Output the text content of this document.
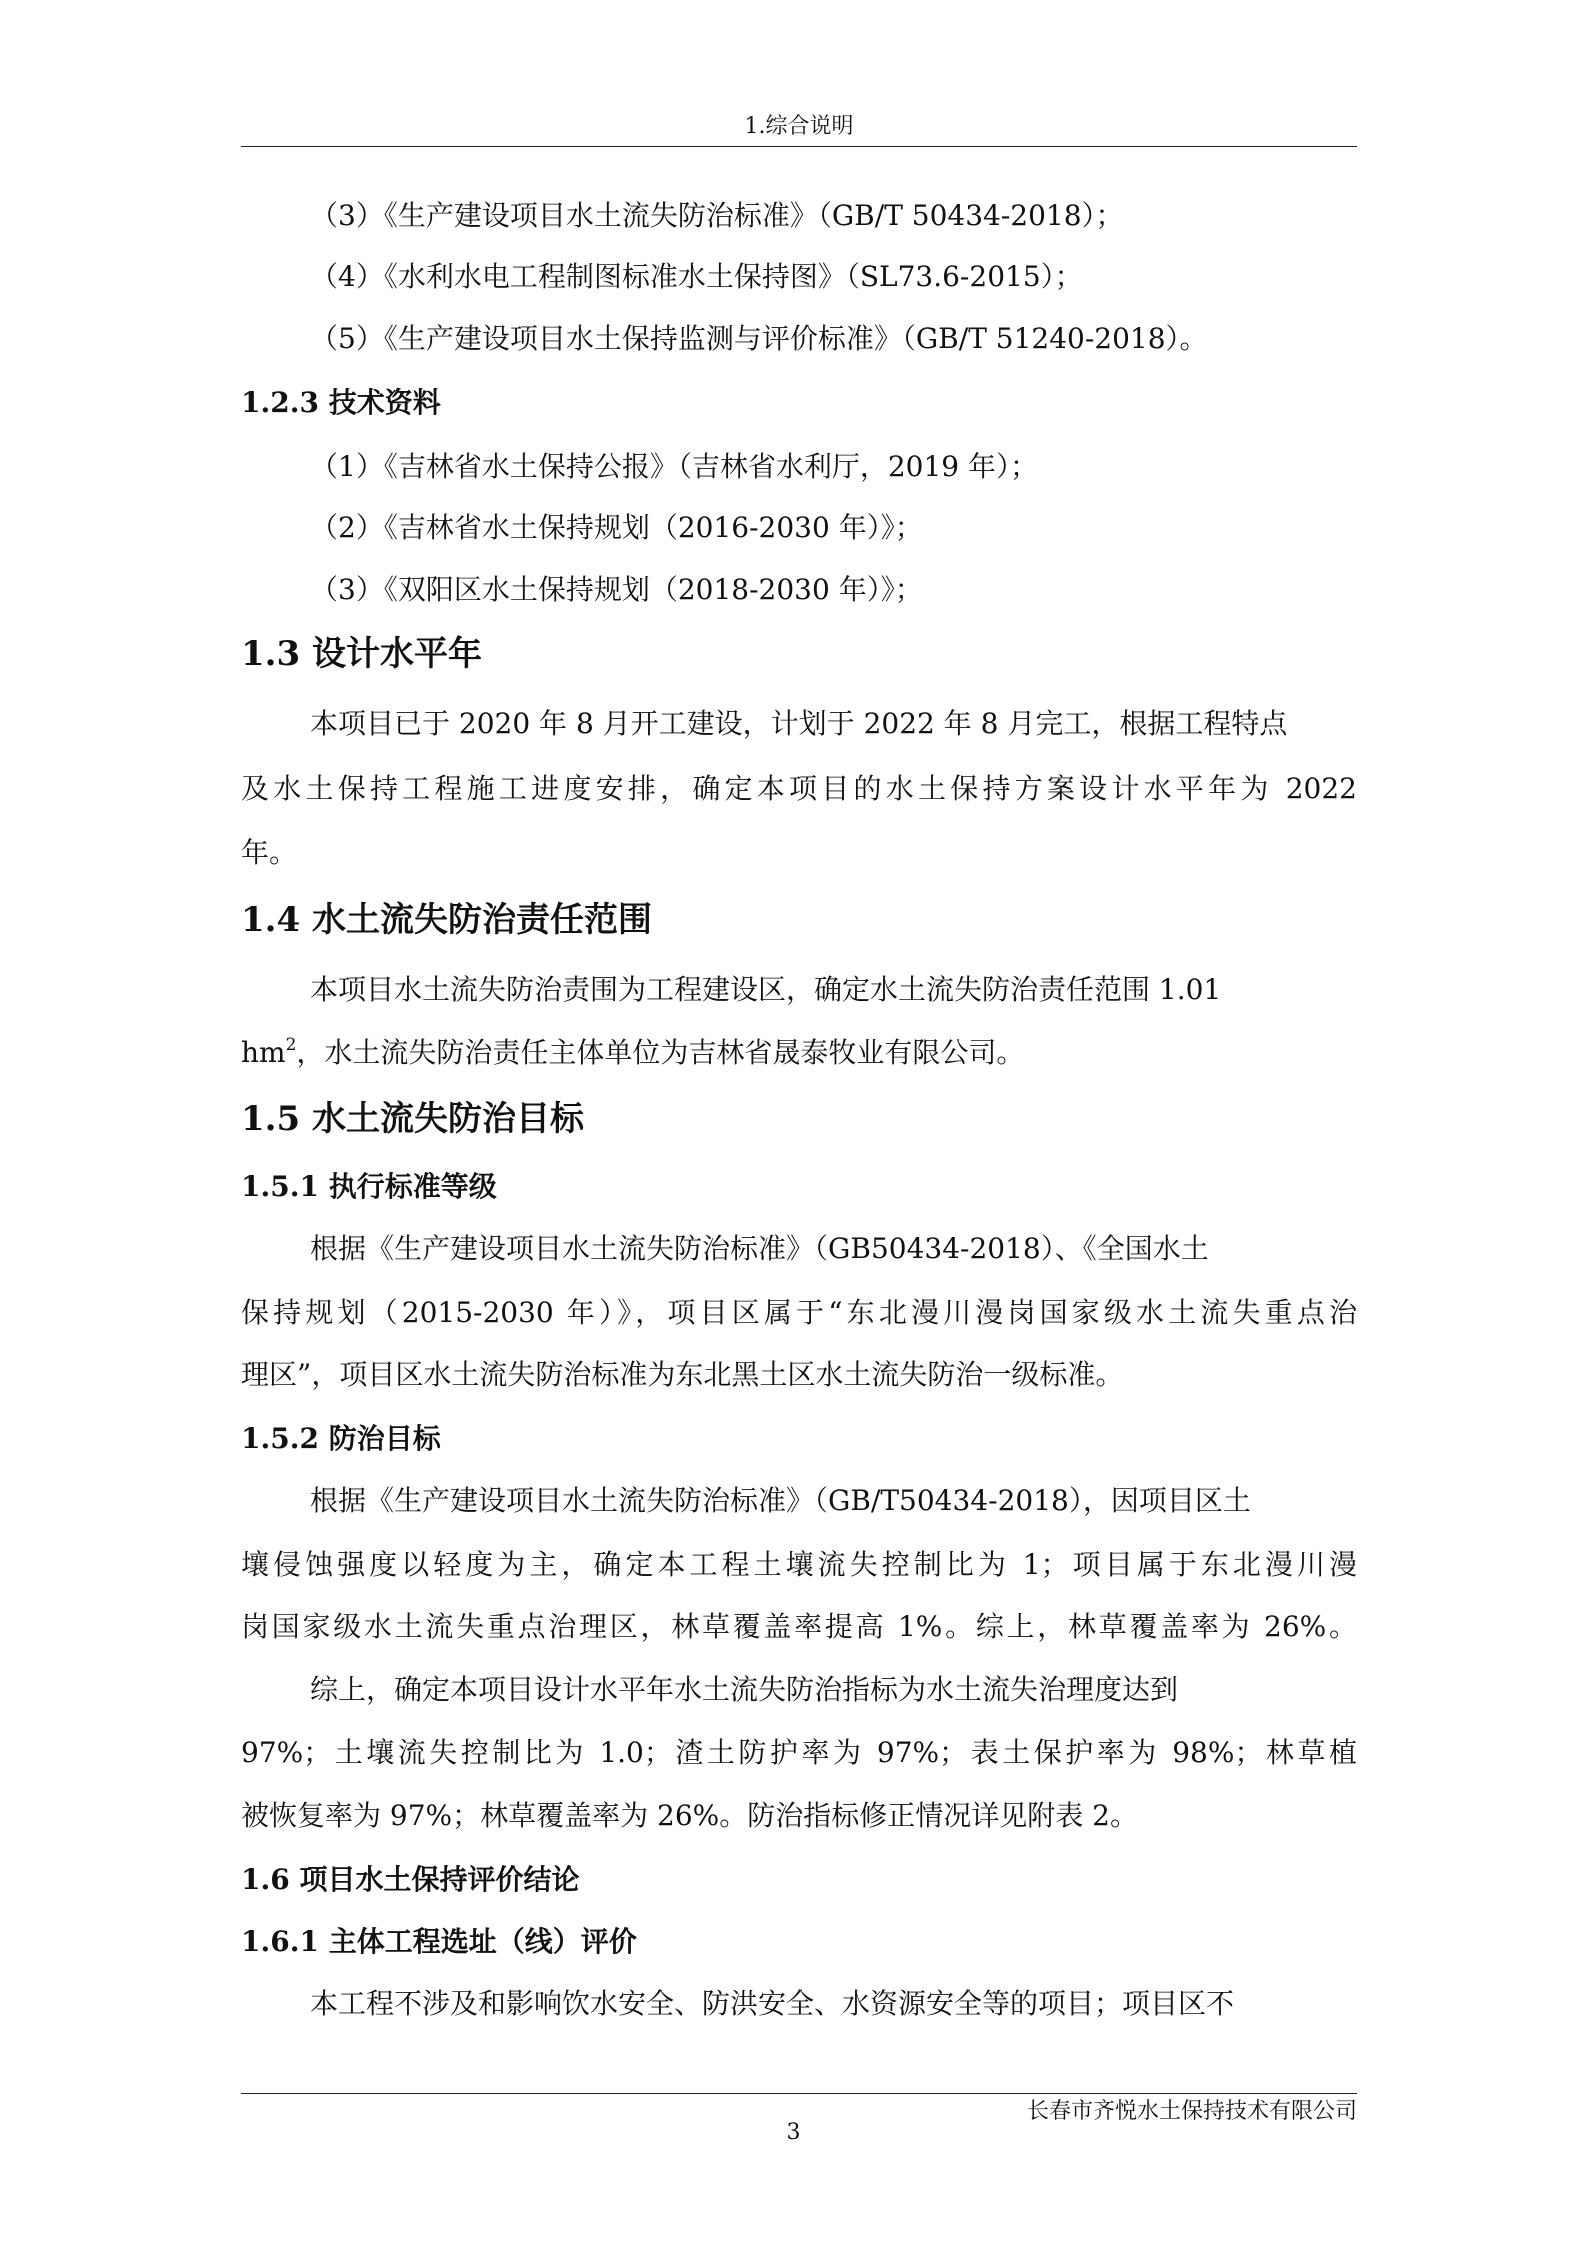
1.综合说明
（3）《生产建设项目水土流失防治标准》（GB/T 50434-2018）；
（4）《水利水电工程制图标准水土保持图》（SL73.6-2015）；
（5）《生产建设项目水土保持监测与评价标准》（GB/T 51240-2018）。
1.2.3 技术资料
（1）《吉林省水土保持公报》（吉林省水利厅，2019 年）；
（2）《吉林省水土保持规划（2016-2030 年）》；
（3）《双阳区水土保持规划（2018-2030 年）》；
1.3 设计水平年
本项目已于 2020 年 8 月开工建设，计划于 2022 年 8 月完工，根据工程特点
及水土保持工程施工进度安排，确定本项目的水土保持方案设计水平年为 2022
年。
1.4 水土流失防治责任范围
本项目水土流失防治责围为工程建设区，确定水土流失防治责任范围 1.01
$hm^2$，水土流失防治责任主体单位为吉林省晟泰牧业有限公司。
1.5 水土流失防治目标
1.5.1 执行标准等级
根据《生产建设项目水土流失防治标准》（GB50434-2018）、《全国水土
保持规划（2015-2030 年）》，项目区属于“东北漫川漫岗国家级水土流失重点治
理区”，项目区水土流失防治标准为东北黑土区水土流失防治一级标准。
1.5.2 防治目标
根据《生产建设项目水土流失防治标准》（GB/T50434-2018），因项目区土
壤侵蚀强度以轻度为主，确定本工程土壤流失控制比为 1；项目属于东北漫川漫
岗国家级水土流失重点治理区，林草覆盖率提高 1%。综上，林草覆盖率为 26%。
综上，确定本项目设计水平年水土流失防治指标为水土流失治理度达到
97%；土壤流失控制比为 1.0；渣土防护率为 97%；表土保护率为 98%；林草植
被恢复率为 97%；林草覆盖率为 26%。防治指标修正情况详见附表 2。
1.6 项目水土保持评价结论
1.6.1 主体工程选址（线）评价
本工程不涉及和影响饮水安全、防洪安全、水资源安全等的项目；项目区不
长春市齐悦水土保持技术有限公司
3
